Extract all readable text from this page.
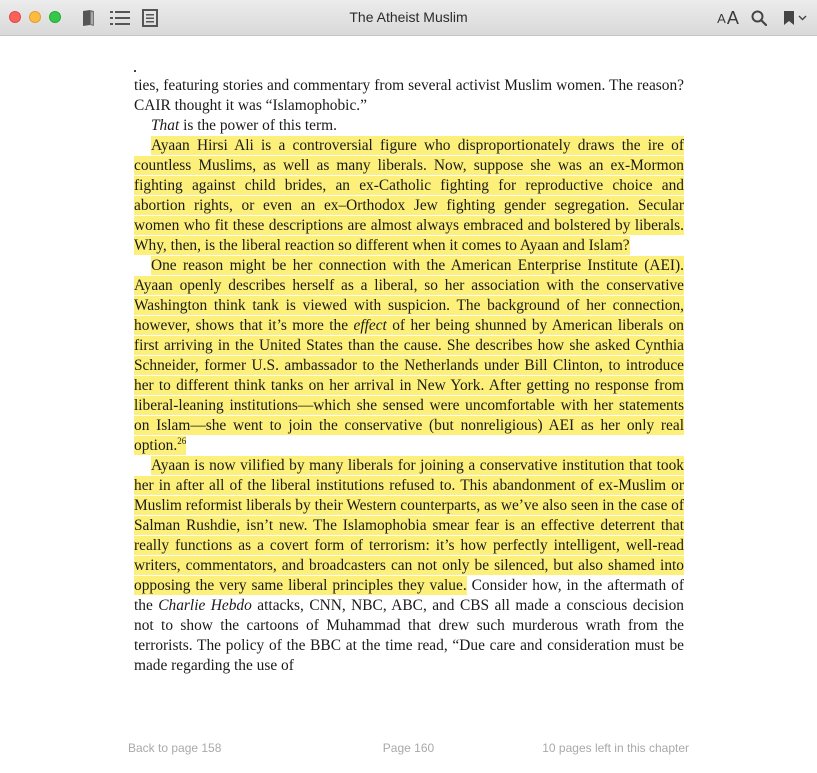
The Atheist Muslim	A A

ties, featuring stories and commentary from several activist Muslim women. The reason? CAIR thought it was “Islamophobic.”

That is the power of this term.

Ayaan Hirsi Ali is a controversial figure who disproportionately draws the ire of countless Muslims, as well as many liberals. Now, suppose she was an ex-Mormon fighting against child brides, an ex-Catholic fighting for reproductive choice and abortion rights, or even an ex–Orthodox Jew fighting gender segregation. Secular women who fit these descriptions are almost always embraced and bolstered by liberals. Why, then, is the liberal reaction so different when it comes to Ayaan and Islam?

One reason might be her connection with the American Enterprise Institute (AEI). Ayaan openly describes herself as a liberal, so her association with the conservative Washington think tank is viewed with suspicion. The background of her connection, however, shows that it’s more the effect of her being shunned by American liberals on first arriving in the United States than the cause. She describes how she asked Cynthia Schneider, former U.S. ambassador to the Netherlands under Bill Clinton, to introduce her to different think tanks on her arrival in New York. After getting no response from liberal-leaning institutions—which she sensed were uncomfortable with her statements on Islam—she went to join the conservative (but nonreligious) AEI as her only real option.$^{26}$

Ayaan is now vilified by many liberals for joining a conservative institution that took her in after all of the liberal institutions refused to. This abandonment of ex-Muslim or Muslim reformist liberals by their Western counterparts, as we’ve also seen in the case of Salman Rushdie, isn’t new. The Islamophobia smear fear is an effective deterrent that really functions as a covert form of terrorism: it’s how perfectly intelligent, well-read writers, commentators, and broadcasters can not only be silenced, but also shamed into opposing the very same liberal principles they value. Consider how, in the aftermath of the Charlie Hebdo attacks, CNN, NBC, ABC, and CBS all made a conscious decision not to show the cartoons of Muhammad that drew such murderous wrath from the terrorists. The policy of the BBC at the time read, “Due care and consideration must be made regarding the use of

Back to page 158	Page 160	10 pages left in this chapter
